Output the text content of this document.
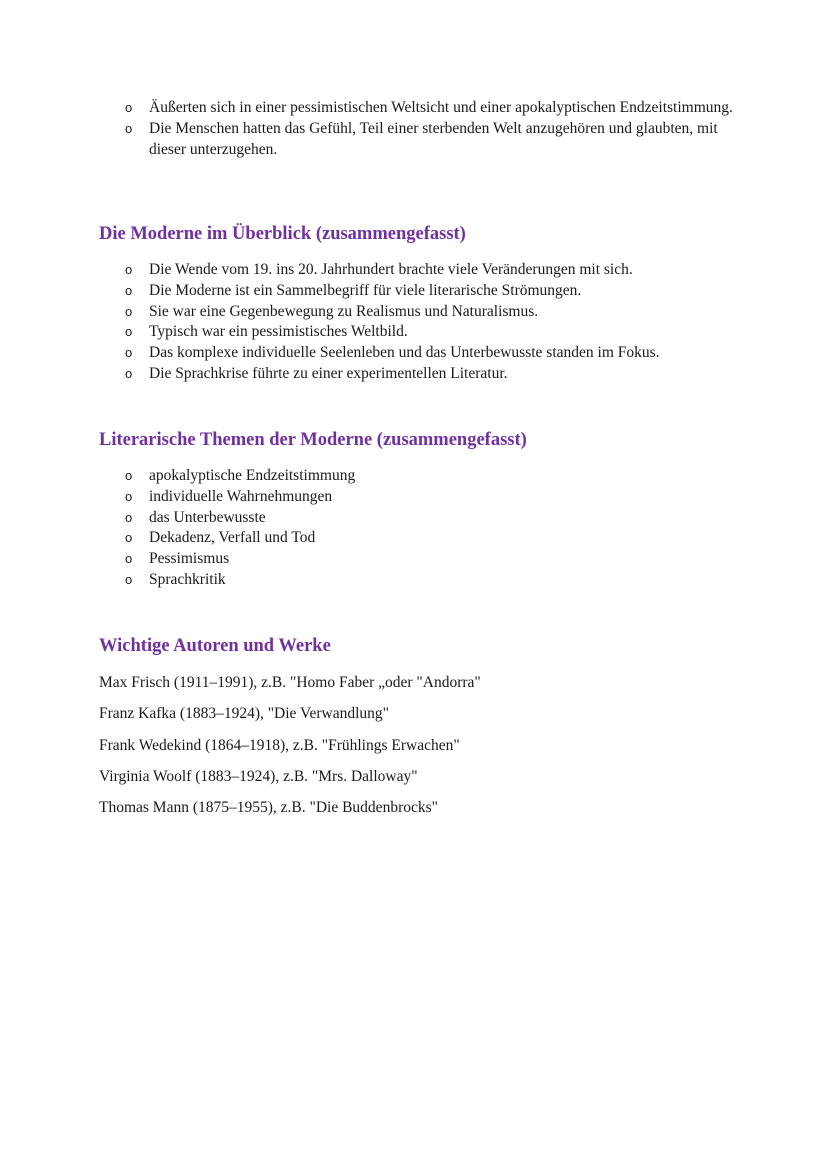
o Äußerten sich in einer pessimistischen Weltsicht und einer apokalyptischen Endzeitstimmung.
o Die Menschen hatten das Gefühl, Teil einer sterbenden Welt anzugehören und glaubten, mit dieser unterzugehen.
Die Moderne im Überblick (zusammengefasst)
o Die Wende vom 19. ins 20. Jahrhundert brachte viele Veränderungen mit sich.
o Die Moderne ist ein Sammelbegriff für viele literarische Strömungen.
o Sie war eine Gegenbewegung zu Realismus und Naturalismus.
o Typisch war ein pessimistisches Weltbild.
o Das komplexe individuelle Seelenleben und das Unterbewusste standen im Fokus.
o Die Sprachkrise führte zu einer experimentellen Literatur.
Literarische Themen der Moderne (zusammengefasst)
o apokalyptische Endzeitstimmung
o individuelle Wahrnehmungen
o das Unterbewusste
o Dekadenz, Verfall und Tod
o Pessimismus
o Sprachkritik
Wichtige Autoren und Werke
Max Frisch (1911–1991), z.B. "Homo Faber „oder "Andorra"
Franz Kafka (1883–1924), "Die Verwandlung"
Frank Wedekind (1864–1918), z.B. "Frühlings Erwachen"
Virginia Woolf (1883–1924), z.B. "Mrs. Dalloway"
Thomas Mann (1875–1955), z.B. "Die Buddenbrocks"
